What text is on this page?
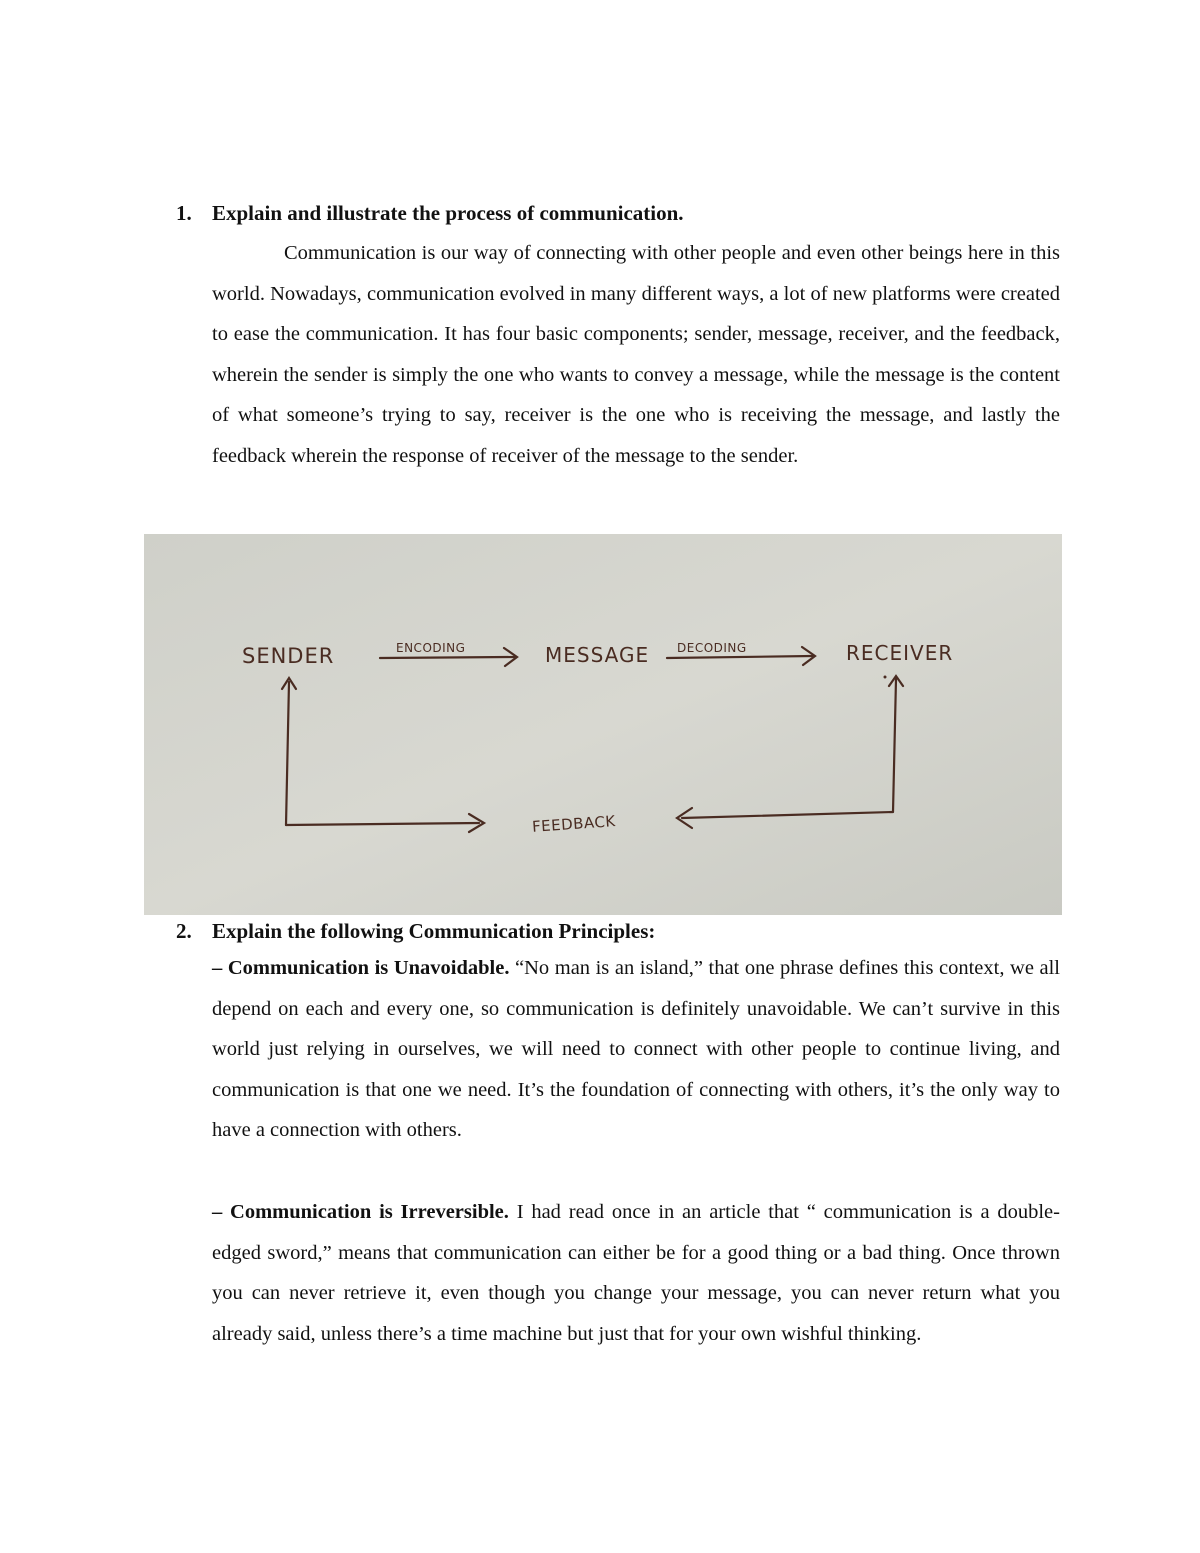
1. Explain and illustrate the process of communication.

Communication is our way of connecting with other people and even other beings here in this world. Nowadays, communication evolved in many different ways, a lot of new platforms were created to ease the communication. It has four basic components; sender, message, receiver, and the feedback, wherein the sender is simply the one who wants to convey a message, while the message is the content of what someone’s trying to say, receiver is the one who is receiving the message, and lastly the feedback wherein the response of receiver of the message to the sender.

SENDER	ENCODING	MESSAGE DECODING	RECEIVER
FEEDBACK
2. Explain the following Communication Principles:

– Communication is Unavoidable. “No man is an island,” that one phrase defines this context, we all depend on each and every one, so communication is definitely unavoidable. We can’t survive in this world just relying in ourselves, we will need to connect with other people to continue living, and communication is that one we need. It’s the foundation of connecting with others, it’s the only way to have a connection with others.

– Communication is Irreversible. I had read once in an article that “ communication is a double-edged sword,” means that communication can either be for a good thing or a bad thing. Once thrown you can never retrieve it, even though you change your message, you can never return what you already said, unless there’s a time machine but just that for your own wishful thinking.
